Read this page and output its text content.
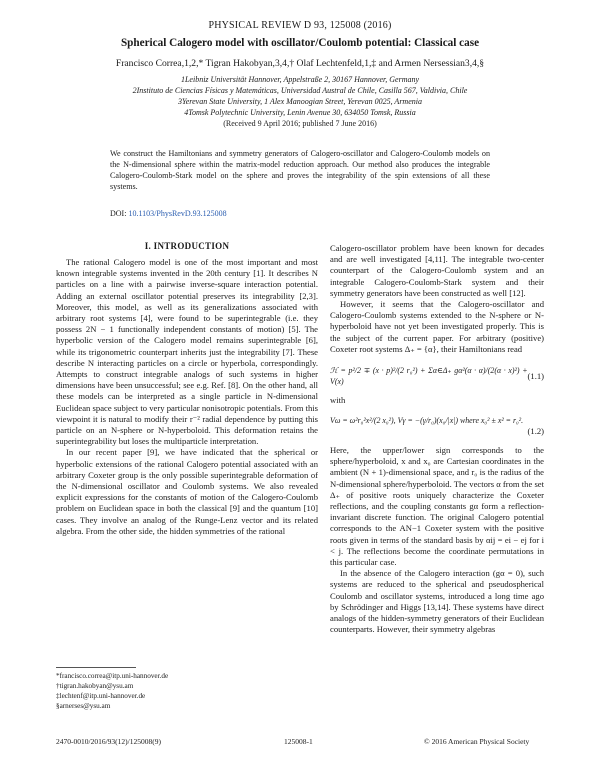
PHYSICAL REVIEW D 93, 125008 (2016)
Spherical Calogero model with oscillator/Coulomb potential: Classical case
Francisco Correa,1,2,* Tigran Hakobyan,3,4,† Olaf Lechtenfeld,1,‡ and Armen Nersessian3,4,§
1Leibniz Universität Hannover, Appelstraße 2, 30167 Hannover, Germany
2Instituto de Ciencias Físicas y Matemáticas, Universidad Austral de Chile, Casilla 567, Valdivia, Chile
3Yerevan State University, 1 Alex Manoogian Street, Yerevan 0025, Armenia
4Tomsk Polytechnic University, Lenin Avenue 30, 634050 Tomsk, Russia
(Received 9 April 2016; published 7 June 2016)
We construct the Hamiltonians and symmetry generators of Calogero-oscillator and Calogero-Coulomb models on the N-dimensional sphere within the matrix-model reduction approach. Our method also produces the integrable Calogero-Coulomb-Stark model on the sphere and proves the integrability of the spin extensions of all these systems.
DOI: 10.1103/PhysRevD.93.125008
I. INTRODUCTION

The rational Calogero model is one of the most important and most known integrable systems invented in the 20th century [1]. It describes N particles on a line with a pairwise inverse-square interaction potential. Adding an external oscillator potential preserves its integrability [2,3]. Moreover, this model, as well as its generalizations associated with arbitrary root systems [4], were found to be superintegrable (i.e. they possess 2N − 1 functionally independent constants of motion) [5]. The hyperbolic version of the Calogero model remains superintegrable [6], while its trigonometric counterpart inherits just the integrability [7]. These describe N interacting particles on a circle or hyperbola, correspondingly. Attempts to construct integrable analogs of such systems in higher dimensions have been unsuccessful; see e.g. Ref. [8]. On the other hand, all these models can be interpreted as a single particle in N-dimensional Euclidean space subject to very particular nonisotropic potentials. From this viewpoint it is natural to modify their r⁻² radial dependence by putting this particle on an N-sphere or N-hyperboloid. This deformation retains the superintegrability but loses the multiparticle interpretation.

In our recent paper [9], we have indicated that the spherical or hyperbolic extensions of the rational Calogero potential associated with an arbitrary Coxeter group is the only possible superintegrable deformation of the N-dimensional oscillator and Coulomb systems. We also revealed explicit expressions for the constants of motion of the Calogero-Coulomb problem on Euclidean space in both the classical [9] and the quantum [10] cases. They involve an analog of the Runge-Lenz vector and its related algebra. From the other side, the hidden symmetries of the rational

Calogero-oscillator problem have been known for decades and are well investigated [4,11]. The integrable two-center counterpart of the Calogero-Coulomb system and an integrable Calogero-Coulomb-Stark system and their symmetry generators have been constructed as well [12].

However, it seems that the Calogero-oscillator and Calogero-Coulomb systems extended to the N-sphere or N-hyperboloid have not yet been investigated properly. This is the subject of the current paper. For arbitrary (positive) Coxeter root systems Δ₊ = {α}, their Hamiltonians read

ℋ = p²/2 ∓ (x · p)²/(2 r₀²) + Σα∈Δ₊ gα²(α · α)/(2(α · x)²) + V(x)
(1.1)

with

Vω = ω²r₀²x²/(2 x₀²), Vγ = −(γ/r₀)(x₀/|x|) where x₀² ± x² = r₀².
(1.2)

Here, the upper/lower sign corresponds to the sphere/hyperboloid, x and x₀ are Cartesian coordinates in the ambient (N + 1)-dimensional space, and r₀ is the radius of the N-dimensional sphere/hyperboloid. The vectors α from the set Δ₊ of positive roots uniquely characterize the Coxeter reflections, and the coupling constants gα form a reflection-invariant discrete function. The original Calogero potential corresponds to the AN−1 Coxeter system with the positive roots given in terms of the standard basis by αij = ei − ej for i < j. The reflections become the coordinate permutations in this particular case.

In the absence of the Calogero interaction (gα = 0), such systems are reduced to the spherical and pseudospherical Coulomb and oscillator systems, introduced a long time ago by Schrödinger and Higgs [13,14]. These systems have direct analogs of the hidden-symmetry generators of their Euclidean counterparts. However, their symmetry algebras

*francisco.correa@itp.uni-hannover.de
†tigran.hakobyan@ysu.am
‡lechtenf@itp.uni-hannover.de
§arnerses@ysu.am
2470-0010/2016/93(12)/125008(9)	125008-1	© 2016 American Physical Society
